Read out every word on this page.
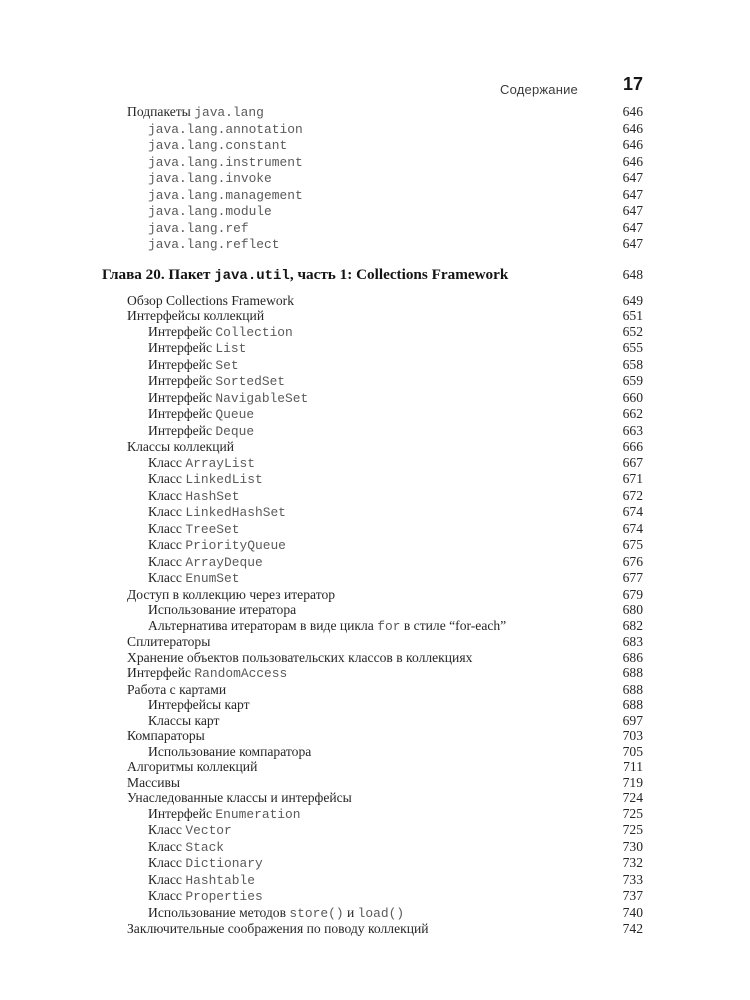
Содержание 17
Подпакеты java.lang	646
java.lang.annotation	646
java.lang.constant	646
java.lang.instrument	646
java.lang.invoke	647
java.lang.management	647
java.lang.module	647
java.lang.ref	647
java.lang.reflect	647
Глава 20. Пакет java.util, часть 1: Collections Framework	648
Обзор Collections Framework	649
Интерфейсы коллекций	651
Интерфейс Collection	652
Интерфейс List	655
Интерфейс Set	658
Интерфейс SortedSet	659
Интерфейс NavigableSet	660
Интерфейс Queue	662
Интерфейс Deque	663
Классы коллекций	666
Класс ArrayList	667
Класс LinkedList	671
Класс HashSet	672
Класс LinkedHashSet	674
Класс TreeSet	674
Класс PriorityQueue	675
Класс ArrayDeque	676
Класс EnumSet	677
Доступ в коллекцию через итератор	679
Использование итератора	680
Альтернатива итераторам в виде цикла for в стиле “for-each”	682
Сплитераторы	683
Хранение объектов пользовательских классов в коллекциях	686
Интерфейс RandomAccess	688
Работа с картами	688
Интерфейсы карт	688
Классы карт	697
Компараторы	703
Использование компаратора	705
Алгоритмы коллекций	711
Массивы	719
Унаследованные классы и интерфейсы	724
Интерфейс Enumeration	725
Класс Vector	725
Класс Stack	730
Класс Dictionary	732
Класс Hashtable	733
Класс Properties	737
Использование методов store() и load()	740
Заключительные соображения по поводу коллекций	742
